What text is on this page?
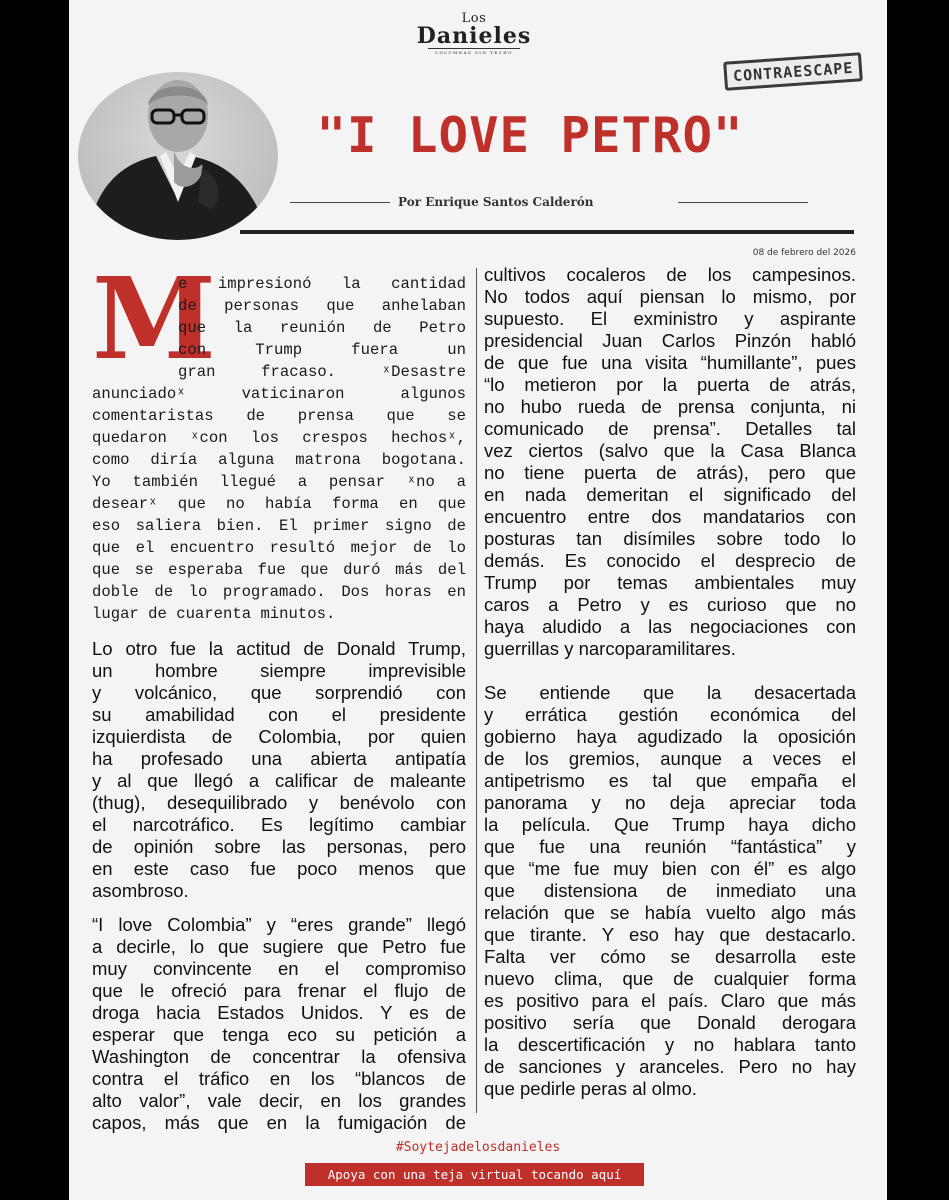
Los
Danieles
COLUMNAS SIN TECHO
CONTRAESCAPE
"I LOVE PETRO"
Por Enrique Santos Calderón
08 de febrero del 2026
M
e impresionó la cantidad
de personas que anhelaban
que la reunión de Petro
con Trump fuera un
gran fracaso. ˣDesastre
anunciadoˣ vaticinaron algunos
comentaristas de prensa que se
quedaron ˣcon los crespos hechosˣ,
como diría alguna matrona bogotana.
Yo también llegué a pensar ˣno a
desearˣ que no había forma en que
eso saliera bien. El primer signo de
que el encuentro resultó mejor de lo
que se esperaba fue que duró más del
doble de lo programado. Dos horas en
lugar de cuarenta minutos.
Lo otro fue la actitud de Donald Trump,
un hombre siempre imprevisible
y volcánico, que sorprendió con
su amabilidad con el presidente
izquierdista de Colombia, por quien
ha profesado una abierta antipatía
y al que llegó a calificar de maleante
(thug), desequilibrado y benévolo con
el narcotráfico. Es legítimo cambiar
de opinión sobre las personas, pero
en este caso fue poco menos que
asombroso.
“I love Colombia” y “eres grande” llegó
a decirle, lo que sugiere que Petro fue
muy convincente en el compromiso
que le ofreció para frenar el flujo de
droga hacia Estados Unidos. Y es de
esperar que tenga eco su petición a
Washington de concentrar la ofensiva
contra el tráfico en los “blancos de
alto valor”, vale decir, en los grandes
capos, más que en la fumigación de
cultivos cocaleros de los campesinos.
No todos aquí piensan lo mismo, por
supuesto. El exministro y aspirante
presidencial Juan Carlos Pinzón habló
de que fue una visita “humillante”, pues
“lo metieron por la puerta de atrás,
no hubo rueda de prensa conjunta, ni
comunicado de prensa”. Detalles tal
vez ciertos (salvo que la Casa Blanca
no tiene puerta de atrás), pero que
en nada demeritan el significado del
encuentro entre dos mandatarios con
posturas tan disímiles sobre todo lo
demás. Es conocido el desprecio de
Trump por temas ambientales muy
caros a Petro y es curioso que no
haya aludido a las negociaciones con
guerrillas y narcoparamilitares.
Se entiende que la desacertada
y errática gestión económica del
gobierno haya agudizado la oposición
de los gremios, aunque a veces el
antipetrismo es tal que empaña el
panorama y no deja apreciar toda
la película. Que Trump haya dicho
que fue una reunión “fantástica” y
que “me fue muy bien con él” es algo
que distensiona de inmediato una
relación que se había vuelto algo más
que tirante. Y eso hay que destacarlo.
Falta ver cómo se desarrolla este
nuevo clima, que de cualquier forma
es positivo para el país. Claro que más
positivo sería que Donald derogara
la descertificación y no hablara tanto
de sanciones y aranceles. Pero no hay
que pedirle peras al olmo.
#Soytejadelosdanieles
Apoya con una teja virtual tocando aquí
